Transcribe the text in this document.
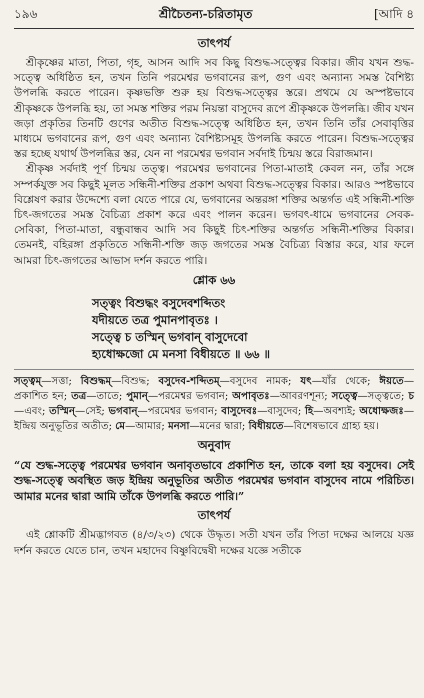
১৯৬	শ্রীচৈতন্য-চরিতামৃত	[আদি ৪
তাৎপর্য

শ্রীকৃষ্ণের মাতা, পিতা, গৃহ, আসন আদি সব কিছু বিশুদ্ধ-সত্ত্বের বিকার। জীব যখন শুদ্ধ-সত্ত্বে অধিষ্ঠিত হন, তখন তিনি পরমেশ্বর ভগবানের রূপ, গুণ এবং অন্যান্য সমস্ত বৈশিষ্ট্য উপলব্ধি করতে পারেন। কৃষ্ণভক্তি শুরু হয় বিশুদ্ধ-সত্ত্বের স্তরে। প্রথমে যে অস্পষ্টভাবে শ্রীকৃষ্ণকে উপলব্ধি হয়, তা সমস্ত শক্তির পরম নিয়ন্তা বাসুদেব রূপে শ্রীকৃষ্ণকে উপলব্ধি। জীব যখন জড়া প্রকৃতির তিনটি গুণের অতীত বিশুদ্ধ-সত্ত্বে অধিষ্ঠিত হন, তখন তিনি তাঁর সেবাবৃত্তির মাধ্যমে ভগবানের রূপ, গুণ এবং অন্যান্য বৈশিষ্ট্যসমূহ উপলব্ধি করতে পারেন। বিশুদ্ধ-সত্ত্বের স্তর হচ্ছে যথার্থ উপলব্ধির স্তর, যেন না পরমেশ্বর ভগবান সর্বদাই চিন্ময় স্তরে বিরাজমান।

শ্রীকৃষ্ণ সর্বদাই পূর্ণ চিন্ময় তত্ত্ব। পরমেশ্বর ভগবানের পিতা-মাতাই কেবল নন, তাঁর সঙ্গে সম্পর্কযুক্ত সব কিছুই মূলত সন্ধিনী-শক্তির প্রকাশ অথবা বিশুদ্ধ-সত্ত্বের বিকার। আরও স্পষ্টভাবে বিশ্লেষণ করার উদ্দেশ্যে বলা যেতে পারে যে, ভগবানের অন্তরঙ্গা শক্তির অন্তর্গত এই সন্ধিনী-শক্তি চিৎ-জগতের সমস্ত বৈচিত্র্য প্রকাশ করে এবং পালন করেন। ভগবৎ-ধামে ভগবানের সেবক-সেবিকা, পিতা-মাতা, বন্ধুবান্ধব আদি সব কিছুই চিৎ-শক্তির অন্তর্গত সন্ধিনী-শক্তির বিকার। তেমনই, বহিরঙ্গা প্রকৃতিতে সন্ধিনী-শক্তি জড় জগতের সমস্ত বৈচিত্র্য বিস্তার করে, যার ফলে আমরা চিৎ-জগতের আভাস দর্শন করতে পারি।

শ্লোক ৬৬
সত্ত্বং বিশুদ্ধং বসুদেবশব্দিতং
যদীয়তে তত্র পুমানপাবৃতঃ ।
সত্ত্বে চ তস্মিন্ ভগবান্ বাসুদেবো
হ্যধোক্ষজো মে মনসা বিধীয়তে ॥ ৬৬ ॥
সত্ত্বম্—সত্তা; বিশুদ্ধম্—বিশুদ্ধ; বসুদেব-শব্দিতম্—বসুদেব নামক; যৎ—যাঁর থেকে; ঈয়তে—প্রকাশিত হন; তত্র—তাতে; পুমান্—পরমেশ্বর ভগবান; অপাবৃতঃ—আবরণশূন্য; সত্ত্বে—সত্ত্বতে; চ—এবং; তস্মিন্—সেই; ভগবান্—পরমেশ্বর ভগবান; বাসুদেবঃ—বাসুদেব; হি—অবশ্যই; অধোক্ষজঃ—ইন্দ্রিয় অনুভূতির অতীত; মে—আমার; মনসা—মনের দ্বারা; বিধীয়তে—বিশেষভাবে গ্রাহ্য হয়।
অনুবাদ

“যে শুদ্ধ-সত্ত্বে পরমেশ্বর ভগবান অনাবৃতভাবে প্রকাশিত হন, তাকে বলা হয় বসুদেব। সেই শুদ্ধ-সত্ত্বে অবস্থিত জড় ইন্দ্রিয় অনুভূতির অতীত পরমেশ্বর ভগবান বাসুদেব নামে পরিচিত। আমার মনের দ্বারা আমি তাঁকে উপলব্ধি করতে পারি।”

তাৎপর্য

এই শ্লোকটি শ্রীমদ্ভাগবত (৪/৩/২৩) থেকে উদ্ধৃত। সতী যখন তাঁর পিতা দক্ষের আলয়ে যজ্ঞ দর্শন করতে যেতে চান, তখন মহাদেব বিষ্ণুবিদ্বেষী দক্ষের যজ্ঞে সতীকে
